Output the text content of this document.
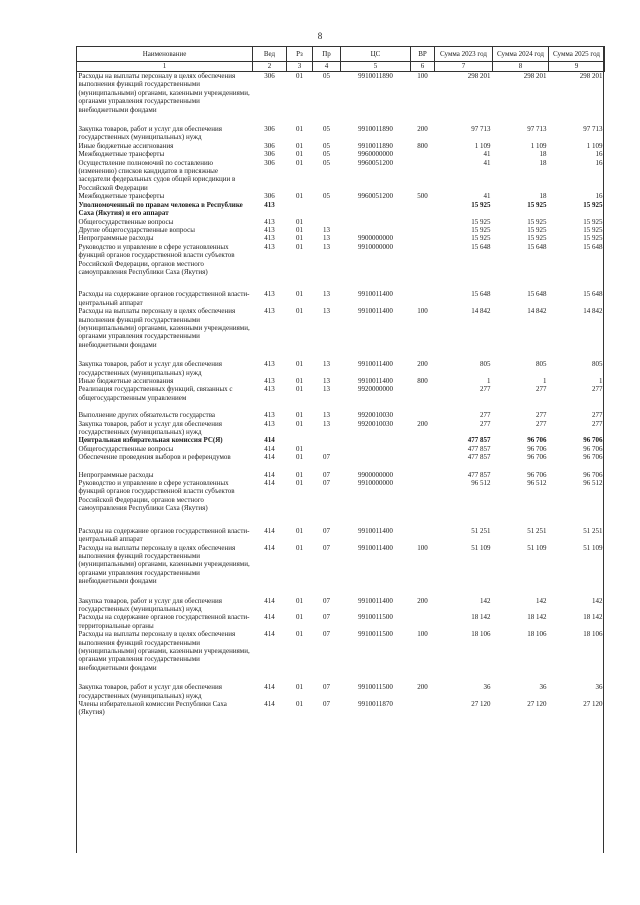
8
Наименование	Вед	Рз	Пр	ЦС	ВР	Сумма 2023 год	Сумма 2024 год	Сумма 2025 год
1	2	3	4	5	6	7	8	9
Расходы на выплаты персоналу в целях обеспечения выполнения функций государственными (муниципальными) органами, казенными учреждениями, органами управления государственными внебюджетными фондами	306	01	05	9910011890	100	298 201	298 201	298 201
Закупка товаров, работ и услуг для обеспечения государственных (муниципальных) нужд	306	01	05	9910011890	200	97 713	97 713	97 713
Иные бюджетные ассигнования	306	01	05	9910011890	800	1 109	1 109	1 109
Межбюджетные трансферты	306	01	05	9960000000		41	18	16
Осуществление полномочий по составлению (изменению) списков кандидатов в присяжные заседатели федеральных судов общей юрисдикции в Российской Федерации	306	01	05	9960051200		41	18	16
Межбюджетные трансферты	306	01	05	9960051200	500	41	18	16
Уполномоченный по правам человека в Республике Саха (Якутия) и его аппарат	413					15 925	15 925	15 925
Общегосударственные вопросы	413	01				15 925	15 925	15 925
Другие общегосударственные вопросы	413	01	13			15 925	15 925	15 925
Непрограммные расходы	413	01	13	9900000000		15 925	15 925	15 925
Руководство и управление в сфере установленных функций органов государственной власти субъектов Российской Федерации, органов местного самоуправления Республики Саха (Якутия)	413	01	13	9910000000		15 648	15 648	15 648
Расходы на содержание органов государственной власти- центральный аппарат	413	01	13	9910011400		15 648	15 648	15 648
Расходы на выплаты персоналу в целях обеспечения выполнения функций государственными (муниципальными) органами, казенными учреждениями, органами управления государственными внебюджетными фондами	413	01	13	9910011400	100	14 842	14 842	14 842
Закупка товаров, работ и услуг для обеспечения государственных (муниципальных) нужд	413	01	13	9910011400	200	805	805	805
Иные бюджетные ассигнования	413	01	13	9910011400	800	1	1	1
Реализация государственных функций, связанных с общегосударственным управлением	413	01	13	9920000000		277	277	277
Выполнение других обязательств государства	413	01	13	9920010030		277	277	277
Закупка товаров, работ и услуг для обеспечения государственных (муниципальных) нужд	413	01	13	9920010030	200	277	277	277
Центральная избирательная комиссия РС(Я)	414					477 857	96 706	96 706
Общегосударственные вопросы	414	01				477 857	96 706	96 706
Обеспечение проведения выборов и референдумов	414	01	07			477 857	96 706	96 706
Непрограммные расходы	414	01	07	9900000000		477 857	96 706	96 706
Руководство и управление в сфере установленных функций органов государственной власти субъектов Российской Федерации, органов местного самоуправления Республики Саха (Якутия)	414	01	07	9910000000		96 512	96 512	96 512
Расходы на содержание органов государственной власти- центральный аппарат	414	01	07	9910011400		51 251	51 251	51 251
Расходы на выплаты персоналу в целях обеспечения выполнения функций государственными (муниципальными) органами, казенными учреждениями, органами управления государственными внебюджетными фондами	414	01	07	9910011400	100	51 109	51 109	51 109
Закупка товаров, работ и услуг для обеспечения государственных (муниципальных) нужд	414	01	07	9910011400	200	142	142	142
Расходы на содержание органов государственной власти- территориальные органы	414	01	07	9910011500		18 142	18 142	18 142
Расходы на выплаты персоналу в целях обеспечения выполнения функций государственными (муниципальными) органами, казенными учреждениями, органами управления государственными внебюджетными фондами	414	01	07	9910011500	100	18 106	18 106	18 106
Закупка товаров, работ и услуг для обеспечения государственных (муниципальных) нужд	414	01	07	9910011500	200	36	36	36
Члены избирательной комиссии Республики Саха (Якутия)	414	01	07	9910011870		27 120	27 120	27 120
